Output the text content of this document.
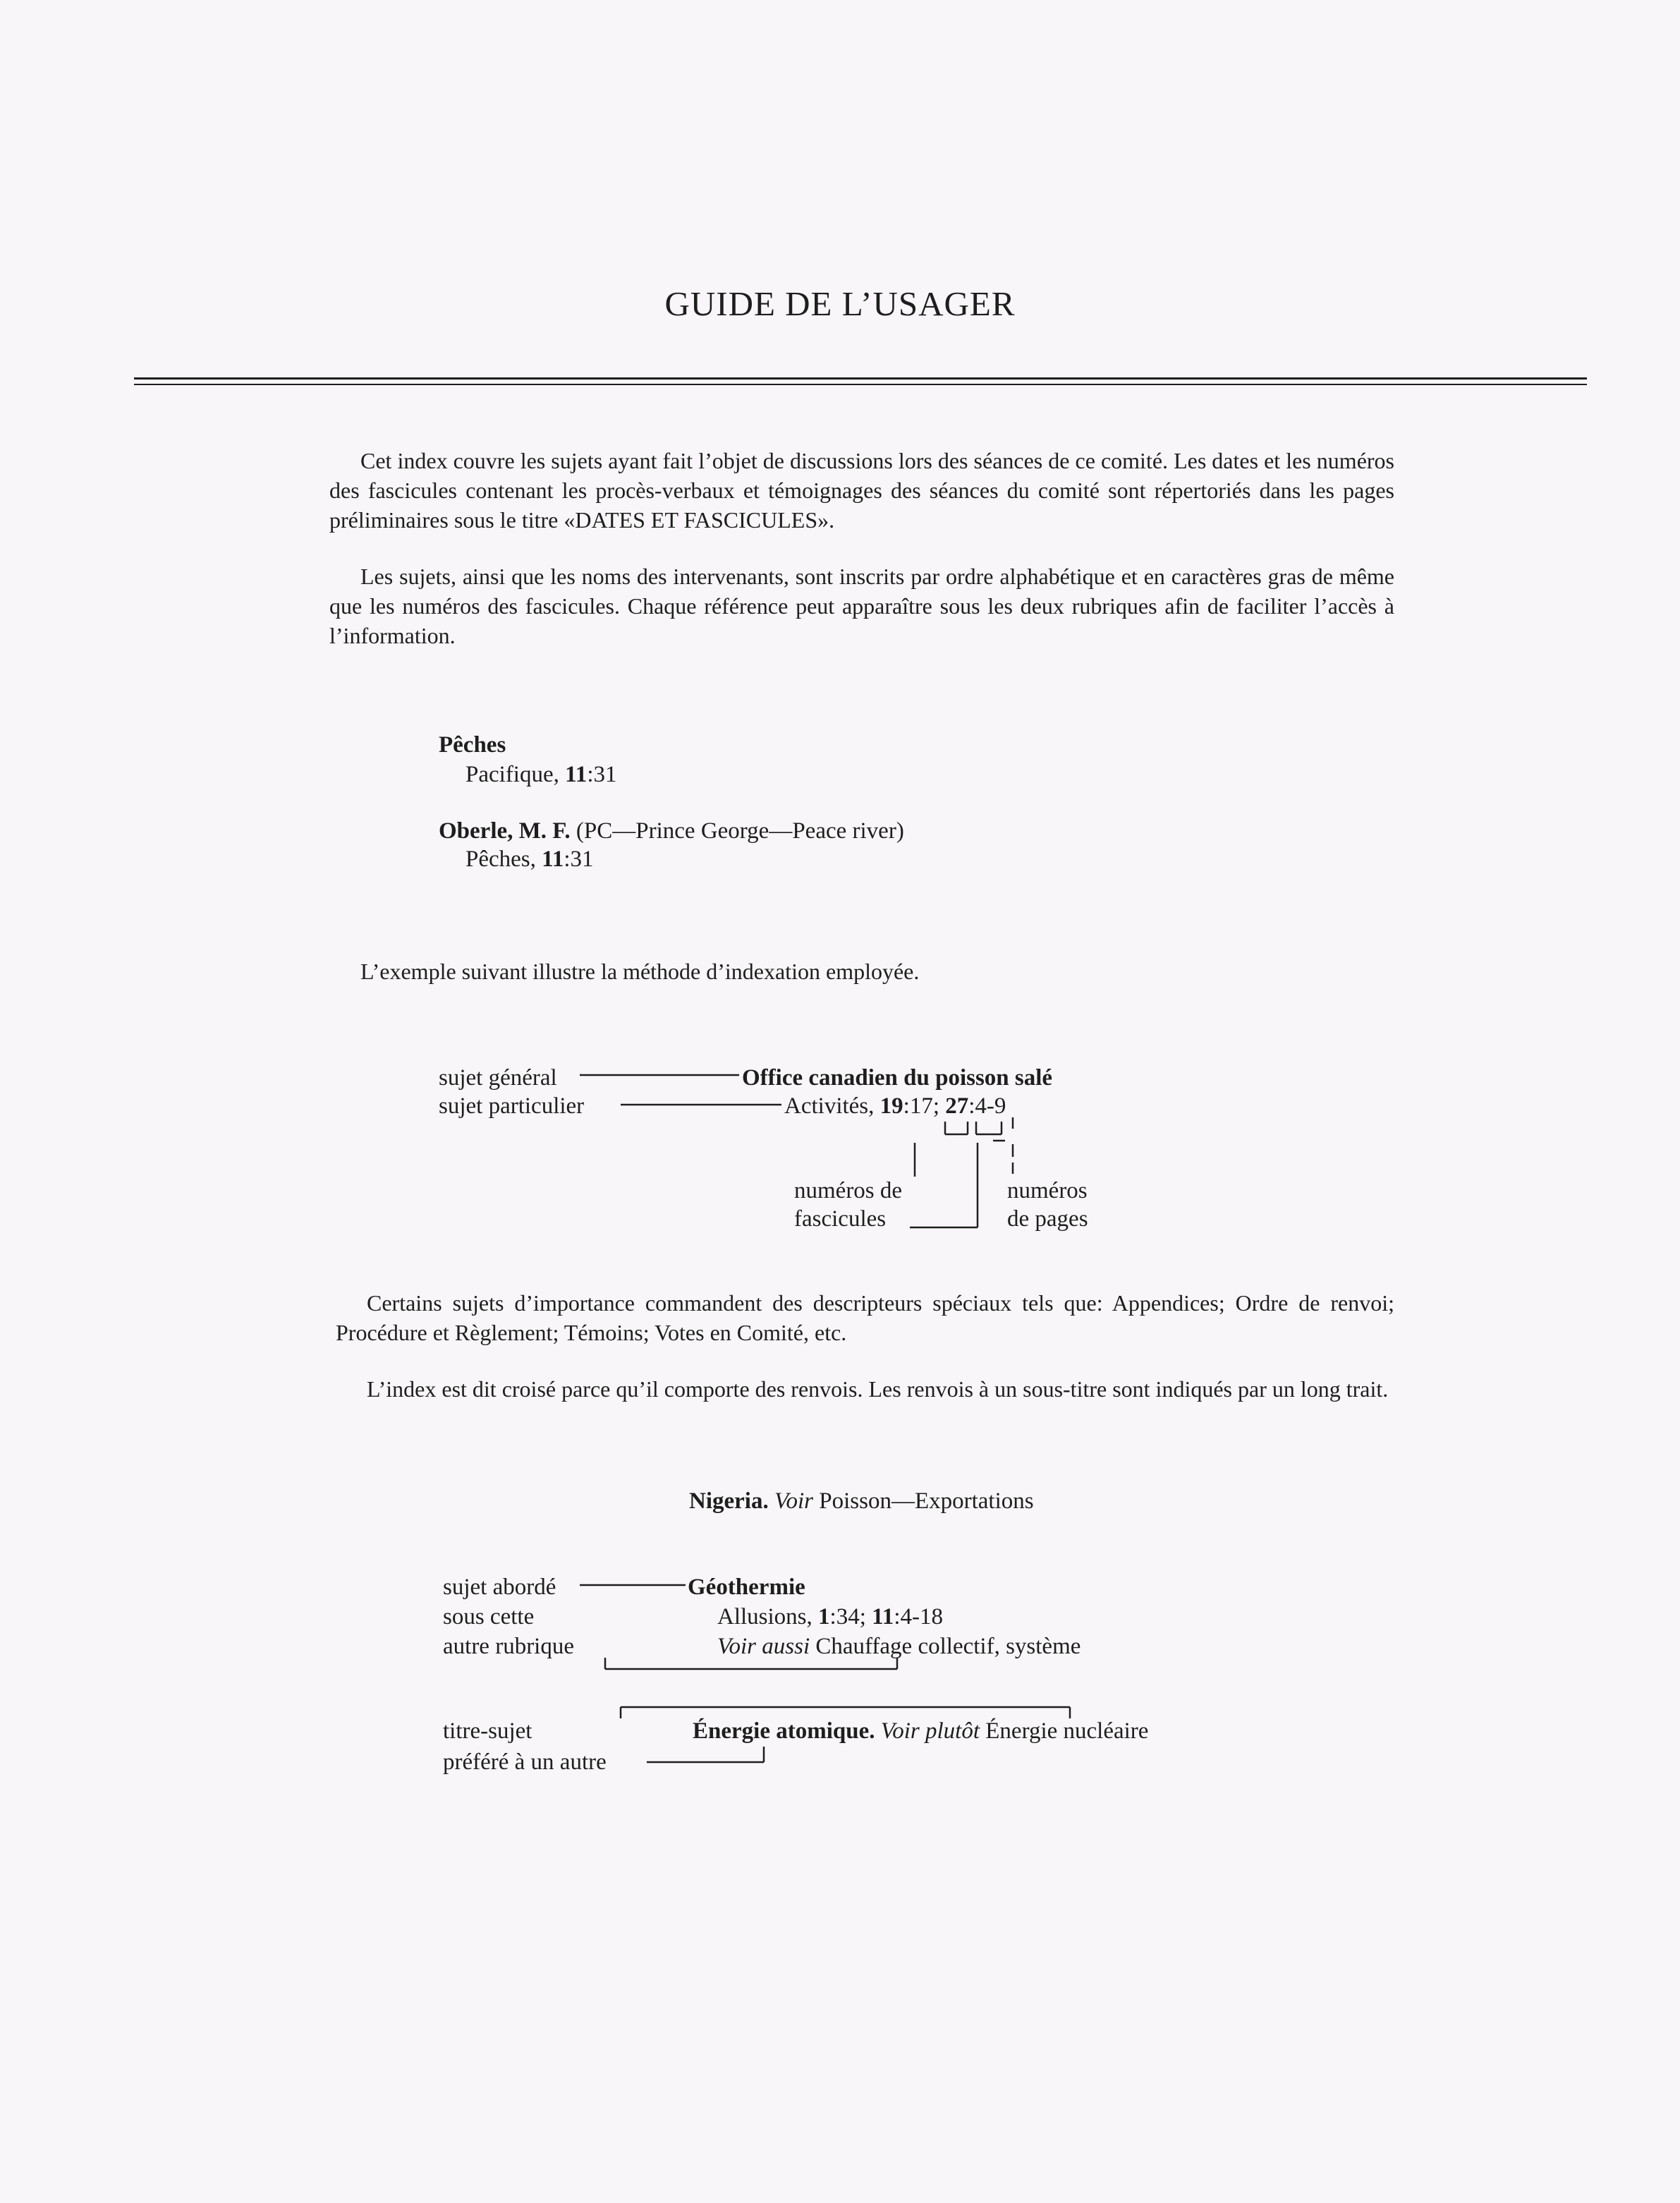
GUIDE DE L’USAGER
Cet index couvre les sujets ayant fait l’objet de discussions lors des séances de ce comité. Les dates et les numéros des fascicules contenant les procès-verbaux et témoignages des séances du comité sont répertoriés dans les pages préliminaires sous le titre «DATES ET FASCICULES».
Les sujets, ainsi que les noms des intervenants, sont inscrits par ordre alphabétique et en caractères gras de même que les numéros des fascicules. Chaque référence peut apparaître sous les deux rubriques afin de faciliter l’accès à l’information.
Pêches
Pacifique, 11:31
Oberle, M. F. (PC—Prince George—Peace river)
Pêches, 11:31
L’exemple suivant illustre la méthode d’indexation employée.
sujet général
sujet particulier
Office canadien du poisson salé
Activités, 19:17; 27:4-9
numéros de
fascicules
numéros
de pages
Certains sujets d’importance commandent des descripteurs spéciaux tels que: Appendices; Ordre de renvoi; Procédure et Règlement; Témoins; Votes en Comité, etc.
L’index est dit croisé parce qu’il comporte des renvois. Les renvois à un sous-titre sont indiqués par un long trait.
Nigeria. Voir Poisson—Exportations
sujet abordé
sous cette
autre rubrique
Géothermie
Allusions, 1:34; 11:4-18
Voir aussi Chauffage collectif, système
titre-sujet
préféré à un autre
Énergie atomique. Voir plutôt Énergie nucléaire
